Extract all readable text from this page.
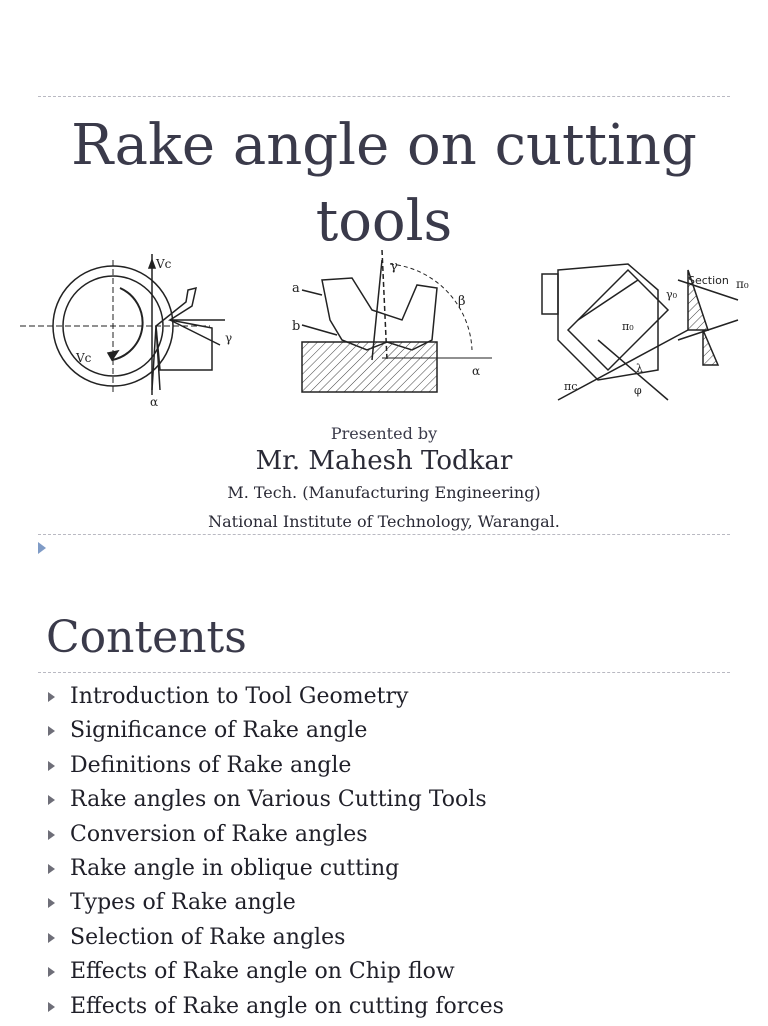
Rake angle on cutting tools
Vc
Vc
γ
α
a
b
γ
β
α
Section π₀
γ₀
π₀
λ
φ
πc
Presented by
Mr. Mahesh Todkar
M. Tech. (Manufacturing Engineering)
National Institute of Technology, Warangal.
Contents
Introduction to Tool Geometry
Significance of Rake angle
Definitions of Rake angle
Rake angles on Various Cutting Tools
Conversion of Rake angles
Rake angle in oblique cutting
Types of Rake angle
Selection of Rake angles
Effects of Rake angle on Chip flow
Effects of Rake angle on cutting forces
